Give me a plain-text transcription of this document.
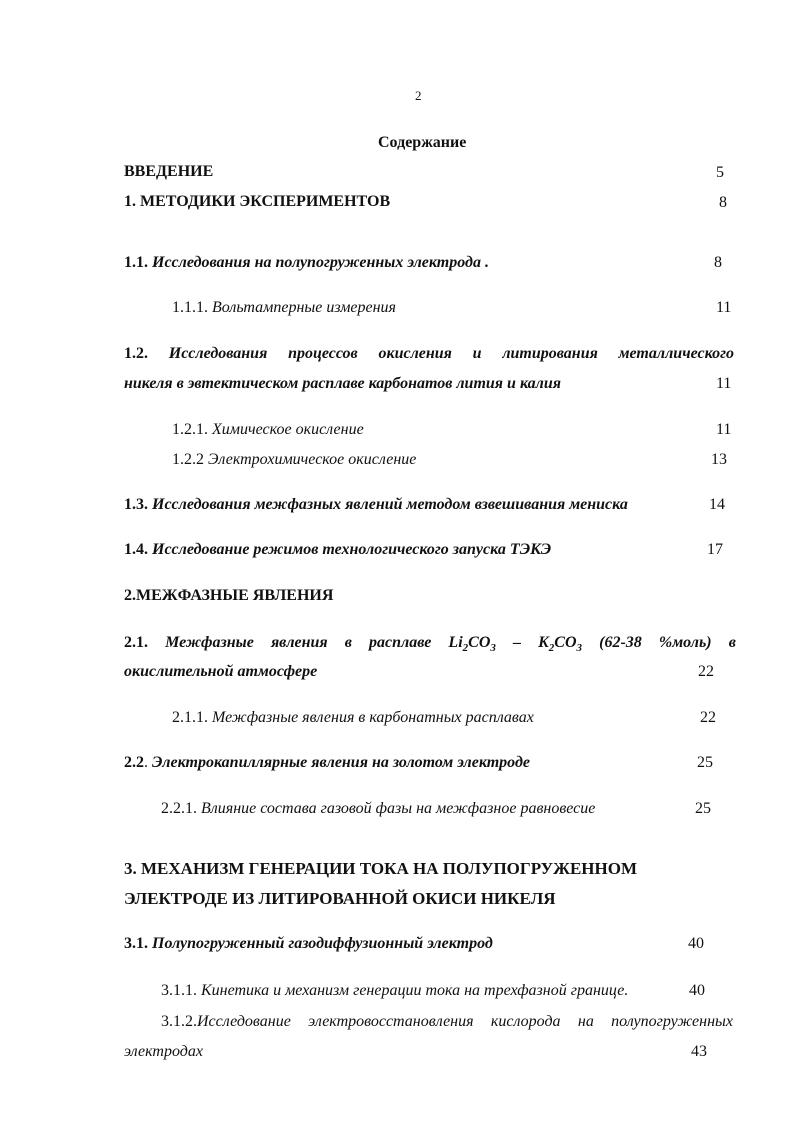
2
Содержание
ВВЕДЕНИЕ	5
1. МЕТОДИКИ ЭКСПЕРИМЕНТОВ	8
1.1. Исследования на полупогруженных электрода .	8
1.1.1. Вольтамперные измерения	11
1.2. Исследования процессов окисления и литирования металлического
никеля в эвтектическом расплаве карбонатов лития и калия	11
1.2.1. Химическое окисление	11
1.2.2 Электрохимическое окисление	13
1.3. Исследования межфазных явлений методом взвешивания мениска	14
1.4. Исследование режимов технологического запуска ТЭКЭ	17
2.МЕЖФАЗНЫЕ ЯВЛЕНИЯ
2.1. Межфазные явления в расплаве $Li_2CO_3 - K_2CO_3$ (62-38 %моль) в
окислительной атмосфере	22
2.1.1. Межфазные явления в карбонатных расплавах	22
2.2. Электрокапиллярные явления на золотом электроде	25
2.2.1. Влияние состава газовой фазы на межфазное равновесие	25
3. МЕХАНИЗМ ГЕНЕРАЦИИ ТОКА НА ПОЛУПОГРУЖЕННОМ
ЭЛЕКТРОДЕ ИЗ ЛИТИРОВАННОЙ ОКИСИ НИКЕЛЯ
3.1. Полупогруженный газодиффузионный электрод	40
3.1.1. Кинетика и механизм генерации тока на трехфазной границе.	40
3.1.2.Исследование электровосстановления кислорода на полупогруженных
электродах	43
